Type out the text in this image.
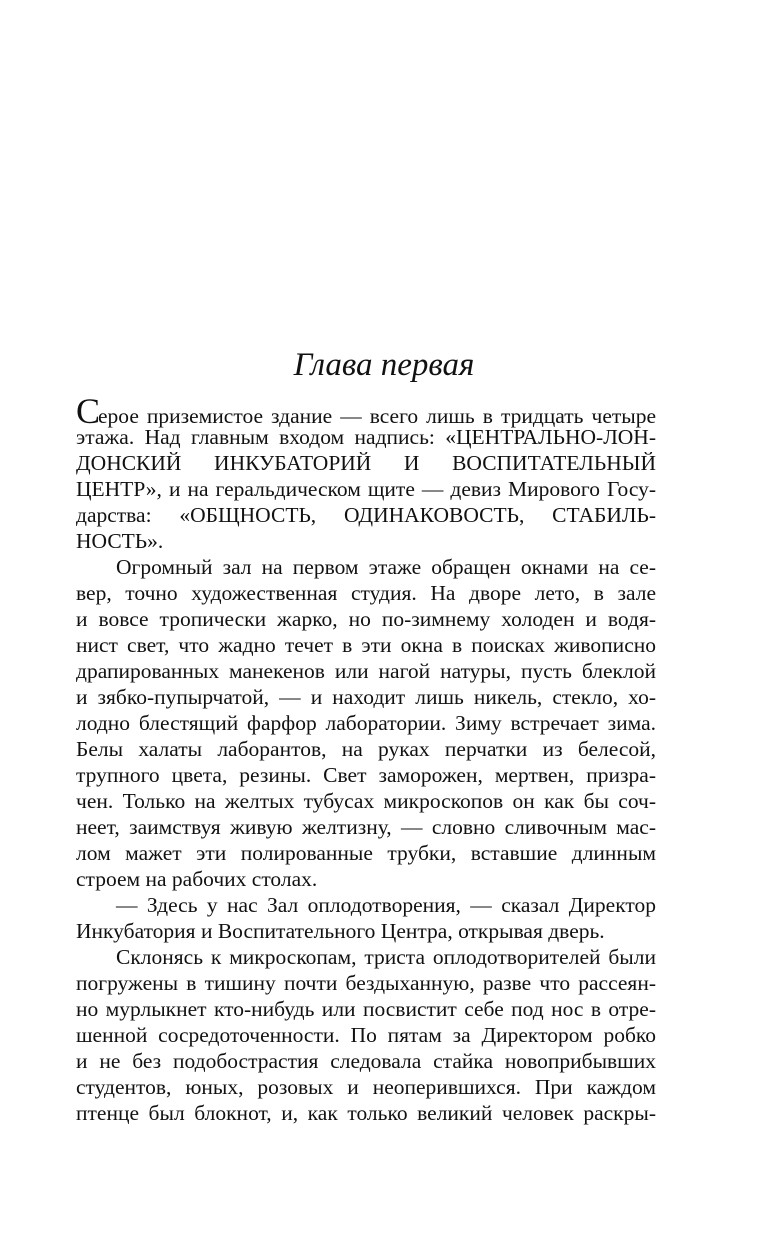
Глава первая
Серое приземистое здание — всего лишь в тридцать четыре
этажа. Над главным входом надпись: «ЦЕНТРАЛЬНО-ЛОН-
ДОНСКИЙ ИНКУБАТОРИЙ И ВОСПИТАТЕЛЬНЫЙ
ЦЕНТР», и на геральдическом щите — девиз Мирового Госу-
дарства: «ОБЩНОСТЬ, ОДИНАКОВОСТЬ, СТАБИЛЬ-
НОСТЬ».
Огромный зал на первом этаже обращен окнами на се-
вер, точно художественная студия. На дворе лето, в зале
и вовсе тропически жарко, но по-зимнему холоден и водя-
нист свет, что жадно течет в эти окна в поисках живописно
драпированных манекенов или нагой натуры, пусть блеклой
и зябко-пупырчатой, — и находит лишь никель, стекло, хо-
лодно блестящий фарфор лаборатории. Зиму встречает зима.
Белы халаты лаборантов, на руках перчатки из белесой,
трупного цвета, резины. Свет заморожен, мертвен, призра-
чен. Только на желтых тубусах микроскопов он как бы соч-
неет, заимствуя живую желтизну, — словно сливочным мас-
лом мажет эти полированные трубки, вставшие длинным
строем на рабочих столах.
— Здесь у нас Зал оплодотворения, — сказал Директор
Инкубатория и Воспитательного Центра, открывая дверь.
Склонясь к микроскопам, триста оплодотворителей были
погружены в тишину почти бездыханную, разве что рассеян-
но мурлыкнет кто-нибудь или посвистит себе под нос в отре-
шенной сосредоточенности. По пятам за Директором робко
и не без подобострастия следовала стайка новоприбывших
студентов, юных, розовых и неоперившихся. При каждом
птенце был блокнот, и, как только великий человек раскры-
